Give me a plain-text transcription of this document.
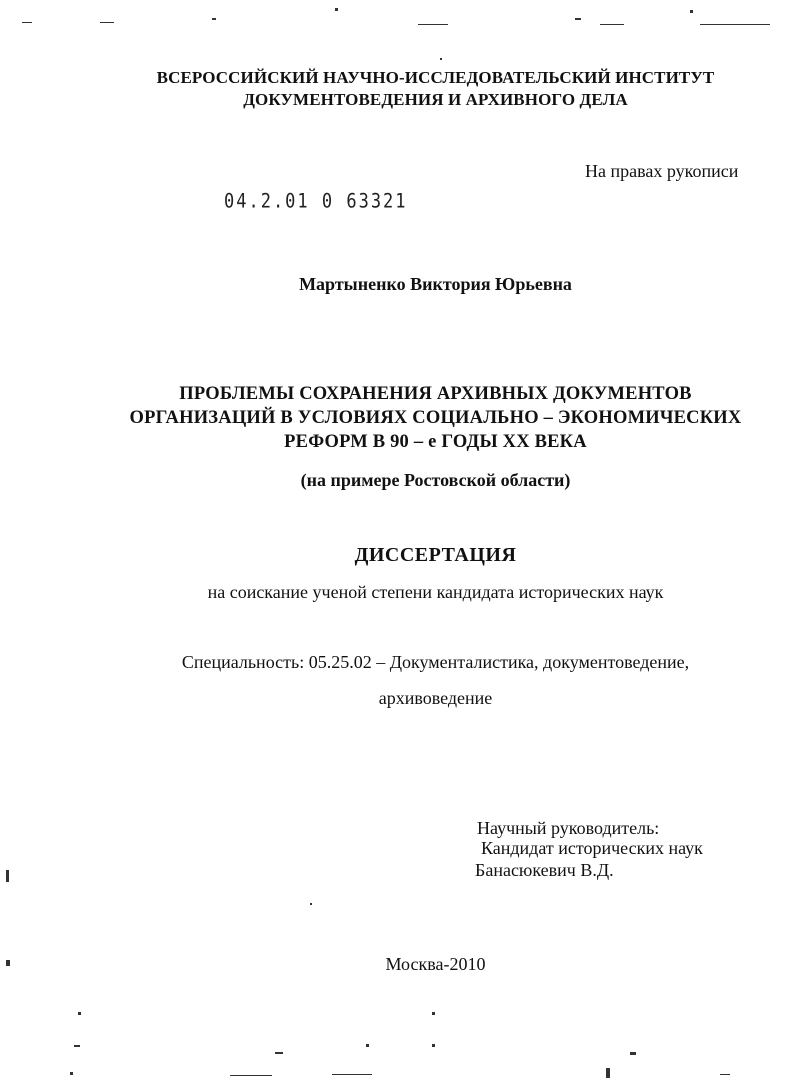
ВСЕРОССИЙСКИЙ НАУЧНО-ИССЛЕДОВАТЕЛЬСКИЙ ИНСТИТУТ
ДОКУМЕНТОВЕДЕНИЯ И АРХИВНОГО ДЕЛА
На правах рукописи
04.2.01 0 63321
Мартыненко Виктория Юрьевна
ПРОБЛЕМЫ СОХРАНЕНИЯ АРХИВНЫХ ДОКУМЕНТОВ
ОРГАНИЗАЦИЙ В УСЛОВИЯХ СОЦИАЛЬНО – ЭКОНОМИЧЕСКИХ
РЕФОРМ В 90 – е ГОДЫ XX ВЕКА
(на примере Ростовской области)
ДИССЕРТАЦИЯ
на соискание ученой степени кандидата исторических наук
Специальность: 05.25.02 – Документалистика, документоведение,
архивоведение
Научный руководитель:
Кандидат исторических наук
Банасюкевич В.Д.
Москва-2010
